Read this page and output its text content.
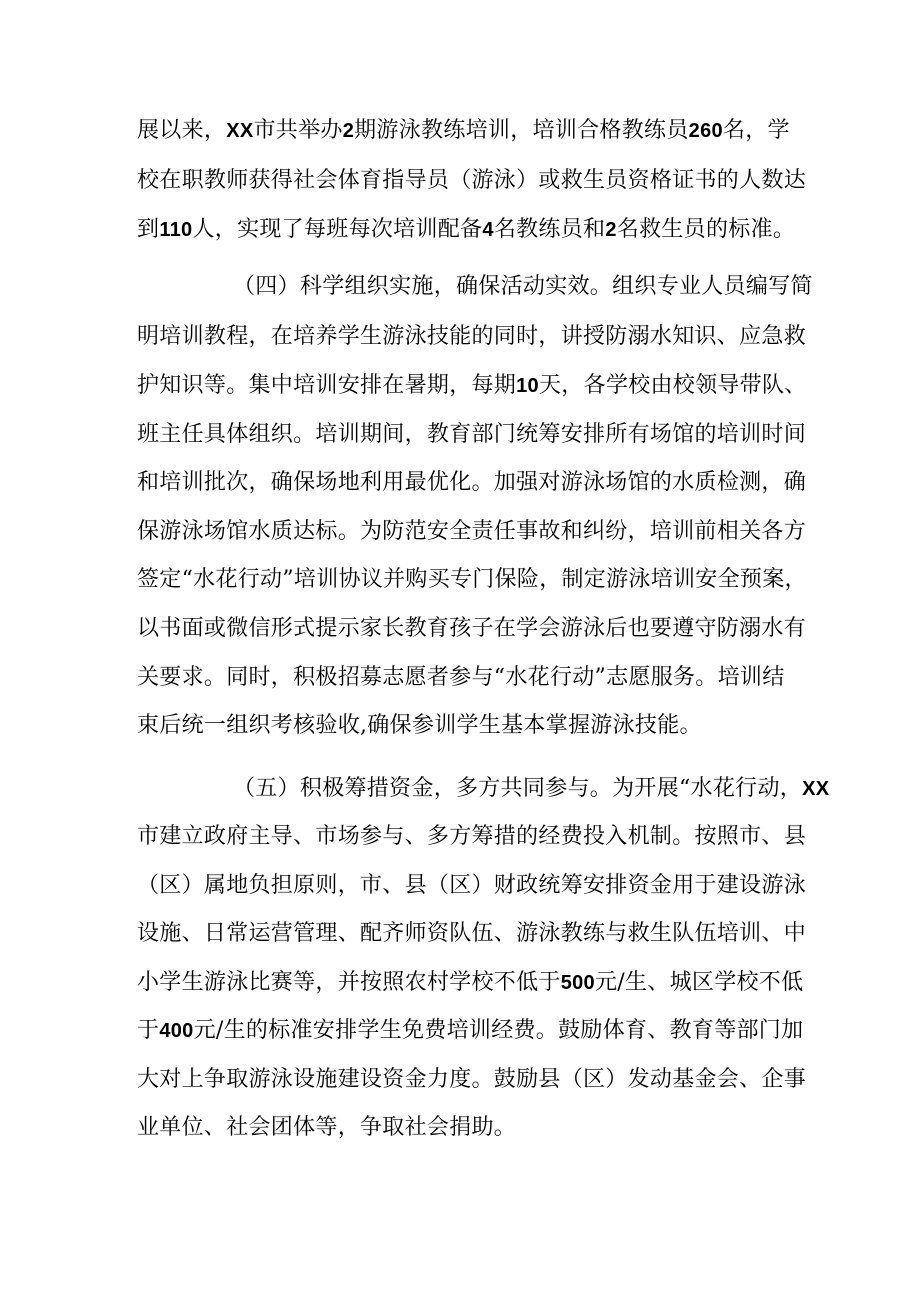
展以来，XX市共举办2期游泳教练培训，培训合格教练员260名，学
校在职教师获得社会体育指导员（游泳）或救生员资格证书的人数达
到110人，实现了每班每次培训配备4名教练员和2名救生员的标准。
（四）科学组织实施，确保活动实效。组织专业人员编写简
明培训教程，在培养学生游泳技能的同时，讲授防溺水知识、应急救
护知识等。集中培训安排在暑期，每期10天，各学校由校领导带队、
班主任具体组织。培训期间，教育部门统筹安排所有场馆的培训时间
和培训批次，确保场地利用最优化。加强对游泳场馆的水质检测，确
保游泳场馆水质达标。为防范安全责任事故和纠纷，培训前相关各方
签定“水花行动”培训协议并购买专门保险，制定游泳培训安全预案，
以书面或微信形式提示家长教育孩子在学会游泳后也要遵守防溺水有
关要求。同时，积极招募志愿者参与“水花行动”志愿服务。培训结
束后统一组织考核验收,确保参训学生基本掌握游泳技能。
（五）积极筹措资金，多方共同参与。为开展“水花行动，XX
市建立政府主导、市场参与、多方筹措的经费投入机制。按照市、县
（区）属地负担原则，市、县（区）财政统筹安排资金用于建设游泳
设施、日常运营管理、配齐师资队伍、游泳教练与救生队伍培训、中
小学生游泳比赛等，并按照农村学校不低于500元/生、城区学校不低
于400元/生的标准安排学生免费培训经费。鼓励体育、教育等部门加
大对上争取游泳设施建设资金力度。鼓励县（区）发动基金会、企事
业单位、社会团体等，争取社会捐助。
